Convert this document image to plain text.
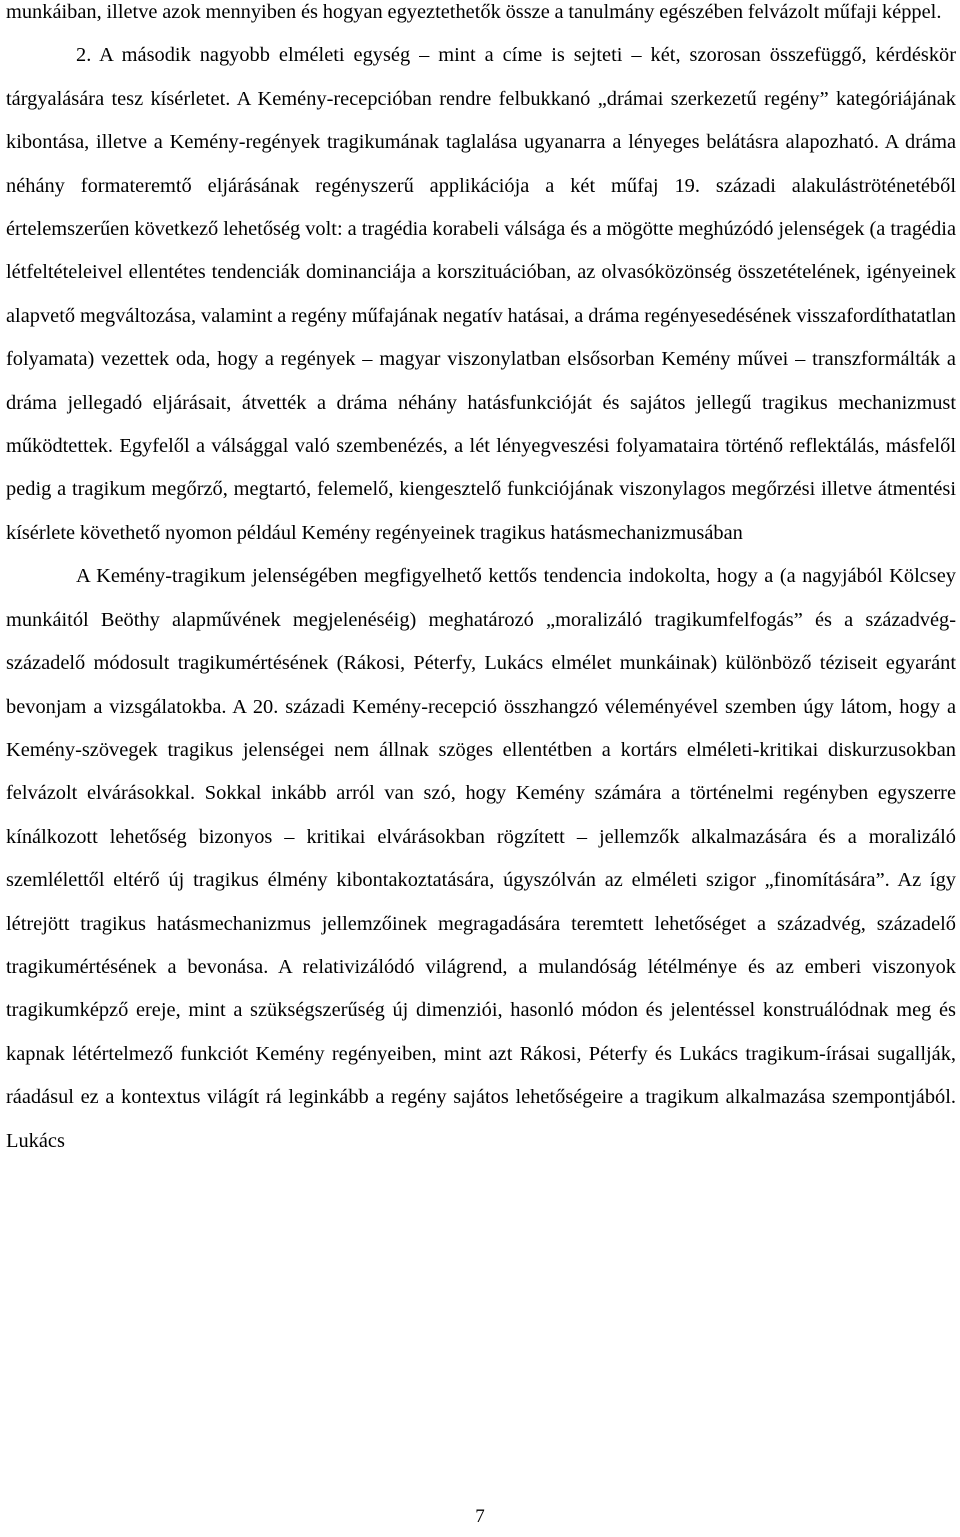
munkáiban, illetve azok mennyiben és hogyan egyeztethetők össze a tanulmány egészében felvázolt műfaji képpel.

2. A második nagyobb elméleti egység – mint a címe is sejteti – két, szorosan összefüggő, kérdéskör tárgyalására tesz kísérletet. A Kemény-recepcióban rendre felbukkanó „drámai szerkezetű regény” kategóriájának kibontása, illetve a Kemény-regények tragikumának taglalása ugyanarra a lényeges belátásra alapozható. A dráma néhány formateremtő eljárásának regényszerű applikációja a két műfaj 19. századi alakuláströténetéből értelemszerűen következő lehetőség volt: a tragédia korabeli válsága és a mögötte meghúzódó jelenségek (a tragédia létfeltételeivel ellentétes tendenciák dominanciája a korszituációban, az olvasóközönség összetételének, igényeinek alapvető megváltozása, valamint a regény műfajának negatív hatásai, a dráma regényesedésének visszafordíthatatlan folyamata) vezettek oda, hogy a regények – magyar viszonylatban elsősorban Kemény művei – transzformálták a dráma jellegadó eljárásait, átvették a dráma néhány hatásfunkcióját és sajátos jellegű tragikus mechanizmust működtettek. Egyfelől a válsággal való szembenézés, a lét lényegveszési folyamataira történő reflektálás, másfelől pedig a tragikum megőrző, megtartó, felemelő, kiengesztelő funkciójának viszonylagos megőrzési illetve átmentési kísérlete követhető nyomon például Kemény regényeinek tragikus hatásmechanizmusában

A Kemény-tragikum jelenségében megfigyelhető kettős tendencia indokolta, hogy a (a nagyjából Kölcsey munkáitól Beöthy alapművének megjelenéséig) meghatározó „moralizáló tragikumfelfogás” és a századvég-századelő módosult tragikumértésének (Rákosi, Péterfy, Lukács elmélet munkáinak) különböző téziseit egyaránt bevonjam a vizsgálatokba. A 20. századi Kemény-recepció összhangzó véleményével szemben úgy látom, hogy a Kemény-szövegek tragikus jelenségei nem állnak szöges ellentétben a kortárs elméleti-kritikai diskurzusokban felvázolt elvárásokkal. Sokkal inkább arról van szó, hogy Kemény számára a történelmi regényben egyszerre kínálkozott lehetőség bizonyos – kritikai elvárásokban rögzített – jellemzők alkalmazására és a moralizáló szemlélettől eltérő új tragikus élmény kibontakoztatására, úgyszólván az elméleti szigor „finomítására”. Az így létrejött tragikus hatásmechanizmus jellemzőinek megragadására teremtett lehetőséget a századvég, századelő tragikumértésének a bevonása. A relativizálódó világrend, a mulandóság létélménye és az emberi viszonyok tragikumképző ereje, mint a szükségszerűség új dimenziói, hasonló módon és jelentéssel konstruálódnak meg és kapnak létértelmező funkciót Kemény regényeiben, mint azt Rákosi, Péterfy és Lukács tragikum-írásai sugallják, ráadásul ez a kontextus világít rá leginkább a regény sajátos lehetőségeire a tragikum alkalmazása szempontjából. Lukács

7
